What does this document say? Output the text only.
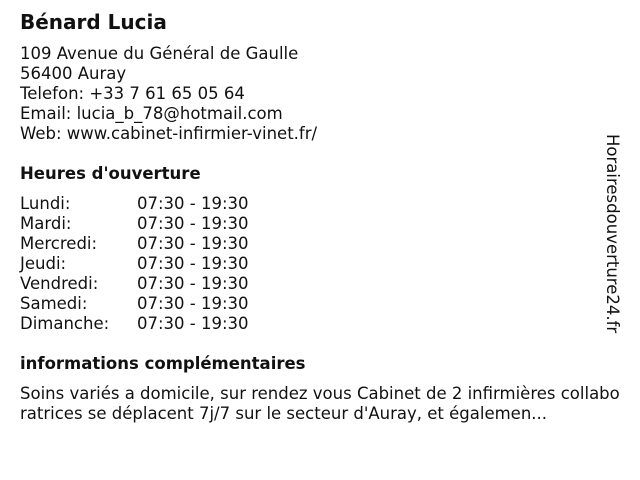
Bénard Lucia
109 Avenue du Général de Gaulle
56400 Auray
Telefon: +33 7 61 65 05 64
Email: lucia_b_78@hotmail.com
Web: www.cabinet-infirmier-vinet.fr/
Heures d'ouverture
Lundi:	07:30 - 19:30
Mardi:	07:30 - 19:30
Mercredi:	07:30 - 19:30
Jeudi:	07:30 - 19:30
Vendredi:	07:30 - 19:30
Samedi:	07:30 - 19:30
Dimanche:	07:30 - 19:30
informations complémentaires
Soins variés a domicile, sur rendez vous Cabinet de 2 infirmières collaboratrices se déplacent 7j/7 sur le secteur d'Auray, et égalemen...
Horairesdouverture24.fr
